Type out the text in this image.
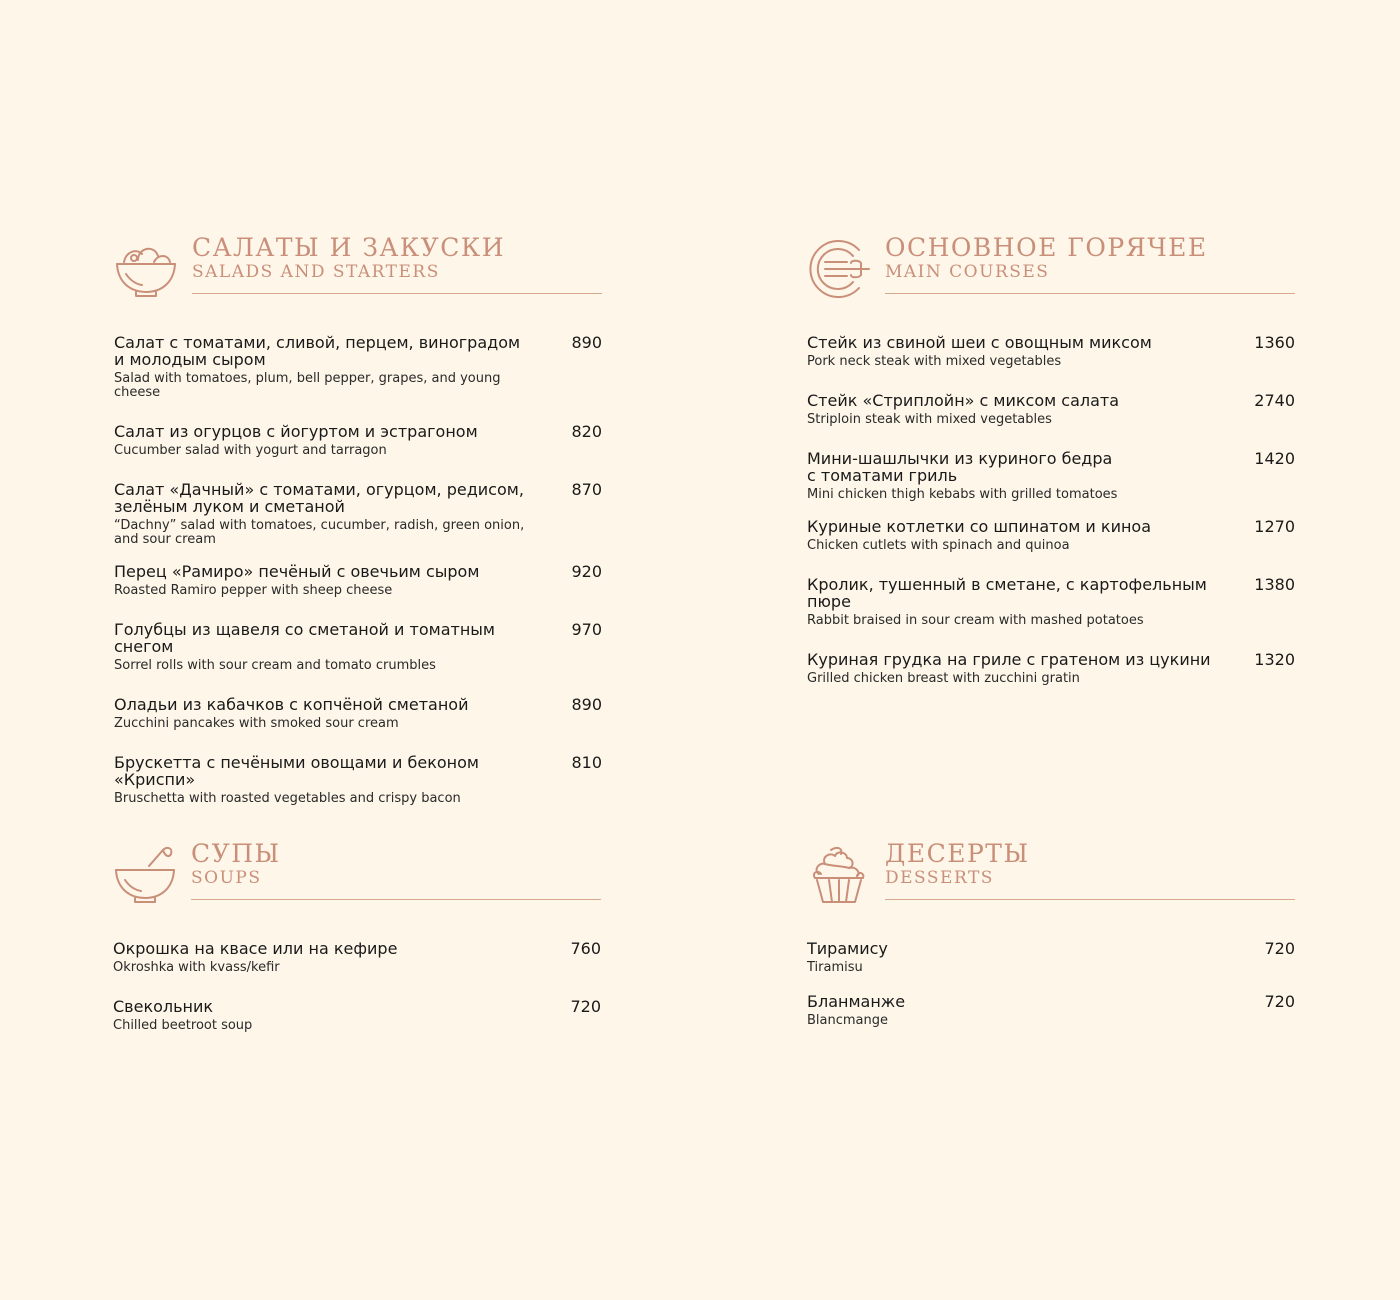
САЛАТЫ И ЗАКУСКИ
SALADS AND STARTERS
Салат с томатами, сливой, перцем, виноградом
и молодым сыром
Salad with tomatoes, plum, bell pepper, grapes, and young cheese
890
Салат из огурцов с йогуртом и эстрагоном
Cucumber salad with yogurt and tarragon
820
Салат «Дачный» с томатами, огурцом, редисом,
зелёным луком и сметаной
“Dachny” salad with tomatoes, cucumber, radish, green onion,
and sour cream
870
Перец «Рамиро» печёный с овечьим сыром
Roasted Ramiro pepper with sheep cheese
920
Голубцы из щавеля со сметаной и томатным снегом
Sorrel rolls with sour cream and tomato crumbles
970
Оладьи из кабачков с копчёной сметаной
Zucchini pancakes with smoked sour cream
890
Брускетта с печёными овощами и беконом «Криспи»
Bruschetta with roasted vegetables and crispy bacon
810
ОСНОВНОЕ ГОРЯЧЕЕ
MAIN COURSES
Стейк из свиной шеи с овощным миксом
Pork neck steak with mixed vegetables
1360
Стейк «Стриплойн» с миксом салата
Striploin steak with mixed vegetables
2740
Мини-шашлычки из куриного бедра
с томатами гриль
Mini chicken thigh kebabs with grilled tomatoes
1420
Куриные котлетки со шпинатом и киноа
Chicken cutlets with spinach and quinoa
1270
Кролик, тушенный в сметане, с картофельным пюре
Rabbit braised in sour cream with mashed potatoes
1380
Куриная грудка на гриле с гратеном из цукини
Grilled chicken breast with zucchini gratin
1320
СУПЫ
SOUPS
Окрошка на квасе или на кефире
Okroshka with kvass/kefir
760
Свекольник
Chilled beetroot soup
720
ДЕСЕРТЫ
DESSERTS
Тирамису
Tiramisu
720
Бланманже
Blancmange
720
